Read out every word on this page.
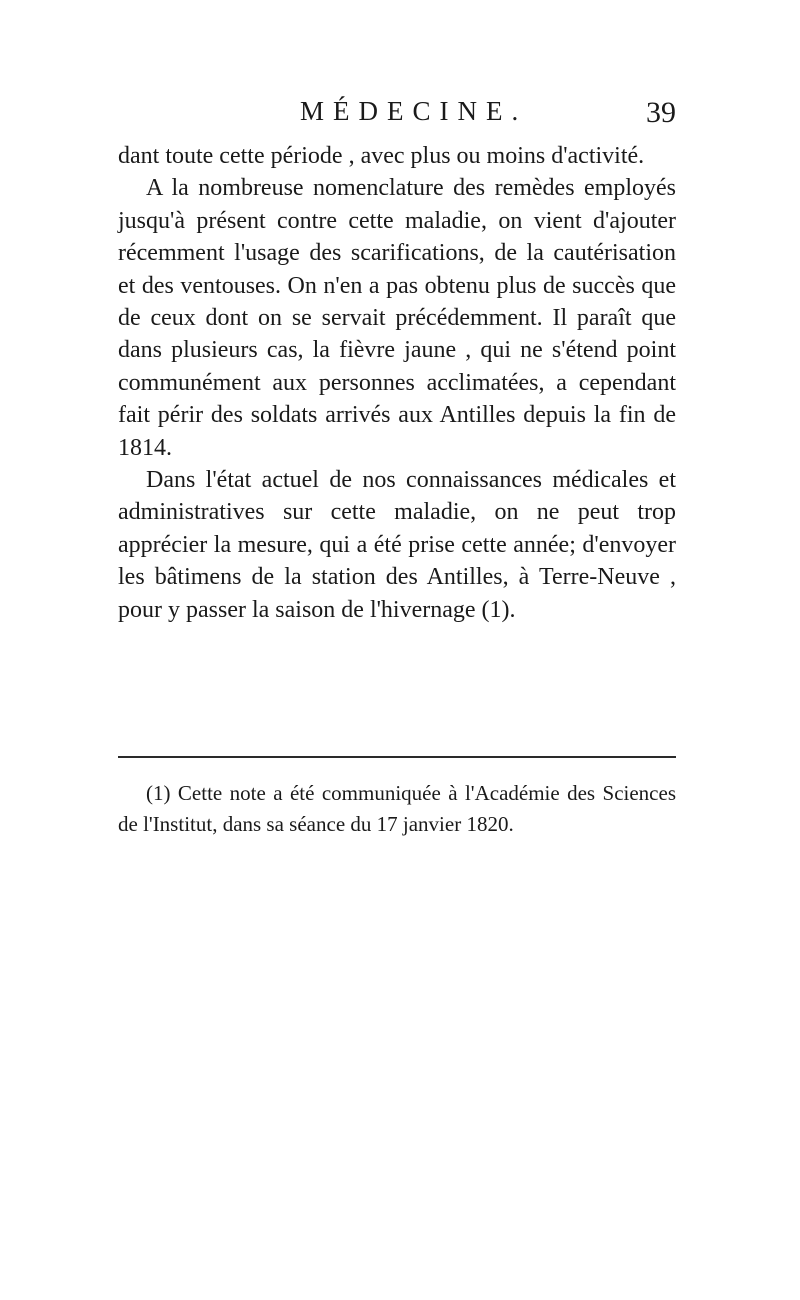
MÉDECINE.	39

dant toute cette période , avec plus ou moins d'activité.

A la nombreuse nomenclature des remèdes employés jusqu'à présent contre cette maladie, on vient d'ajouter récemment l'usage des scarifications, de la cautérisation et des ventouses. On n'en a pas obtenu plus de succès que de ceux dont on se servait précédemment. Il paraît que dans plusieurs cas, la fièvre jaune , qui ne s'étend point communément aux personnes acclimatées, a cependant fait périr des soldats arrivés aux Antilles depuis la fin de 1814.

Dans l'état actuel de nos connaissances médicales et administratives sur cette maladie, on ne peut trop apprécier la mesure, qui a été prise cette année; d'envoyer les bâtimens de la station des Antilles, à Terre-Neuve , pour y passer la saison de l'hivernage (1).

(1) Cette note a été communiquée à l'Académie des Sciences de l'Institut, dans sa séance du 17 janvier 1820.
